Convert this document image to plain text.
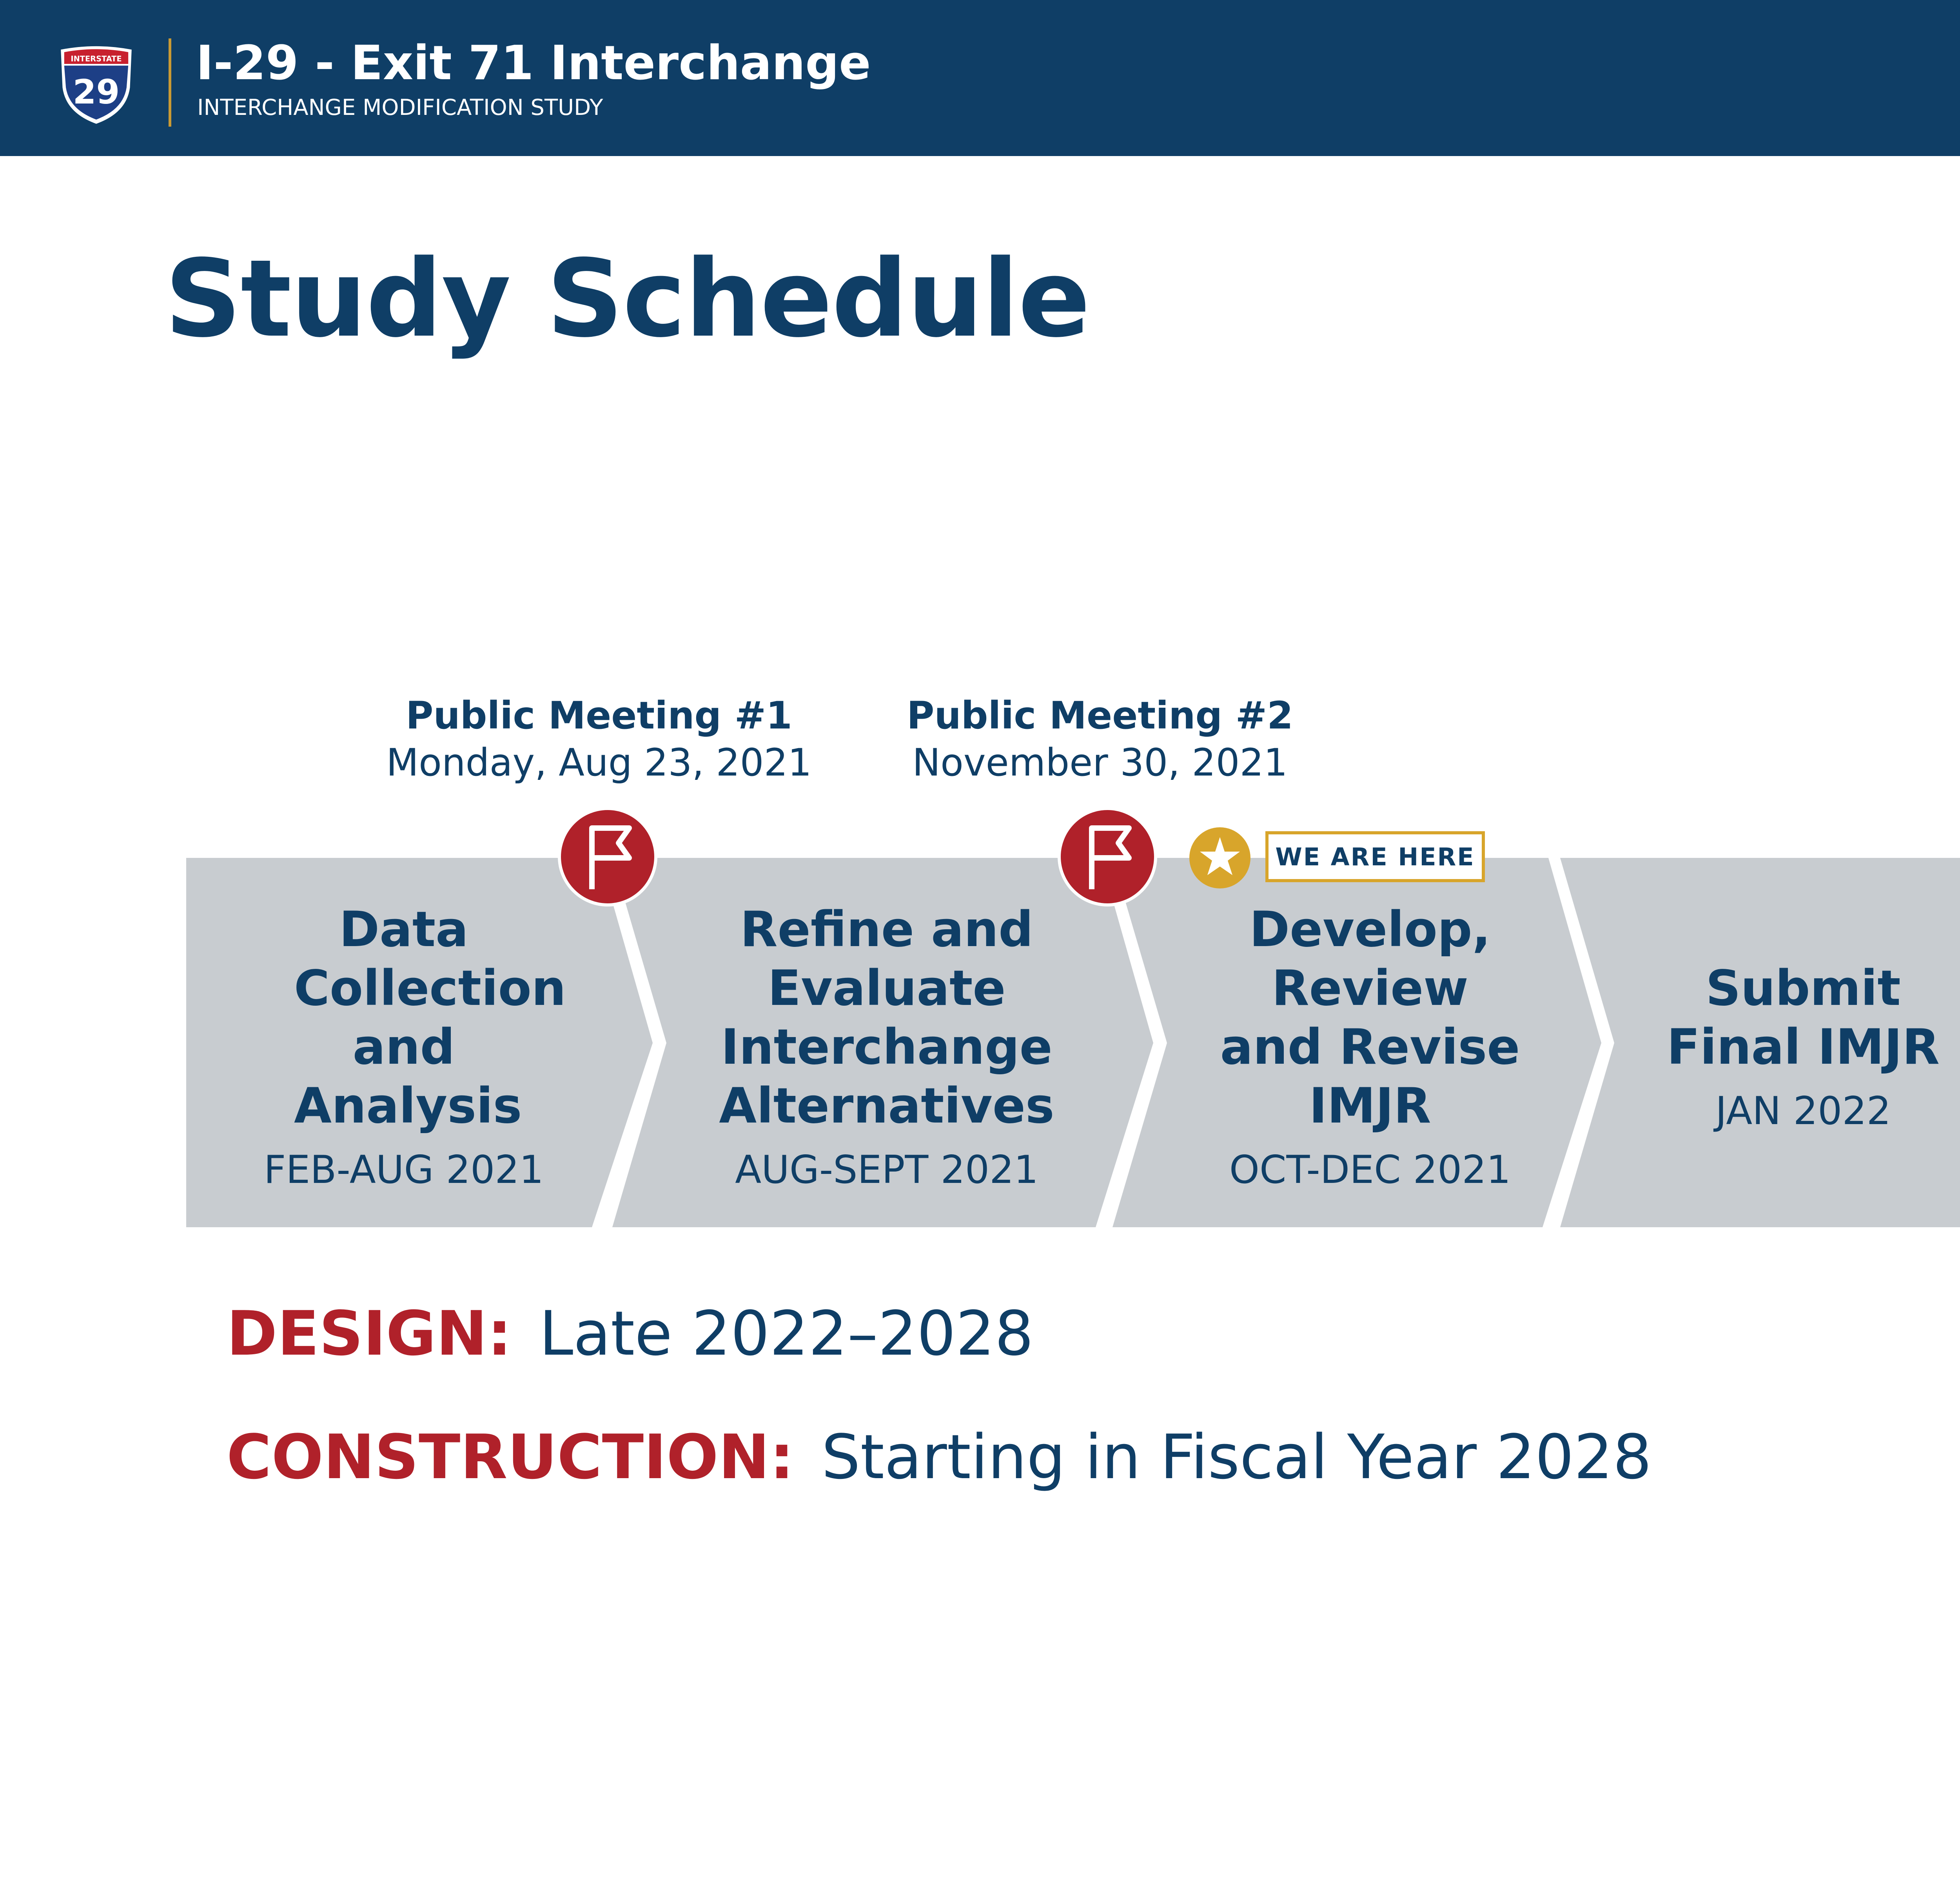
INTERSTATE
29
I-29 - Exit 71 Interchange
INTERCHANGE MODIFICATION STUDY
Study Schedule
Public Meeting #1
Monday, Aug 23, 2021
Public Meeting #2
November 30, 2021
WE ARE HERE
Data Collection and Analysis
FEB-AUG 2021
Refine and Evaluate Interchange Alternatives
AUG-SEPT 2021
Develop, Review and Revise IMJR
OCT-DEC 2021
Submit Final IMJR
JAN 2022
DESIGN: Late 2022–2028
CONSTRUCTION: Starting in Fiscal Year 2028
